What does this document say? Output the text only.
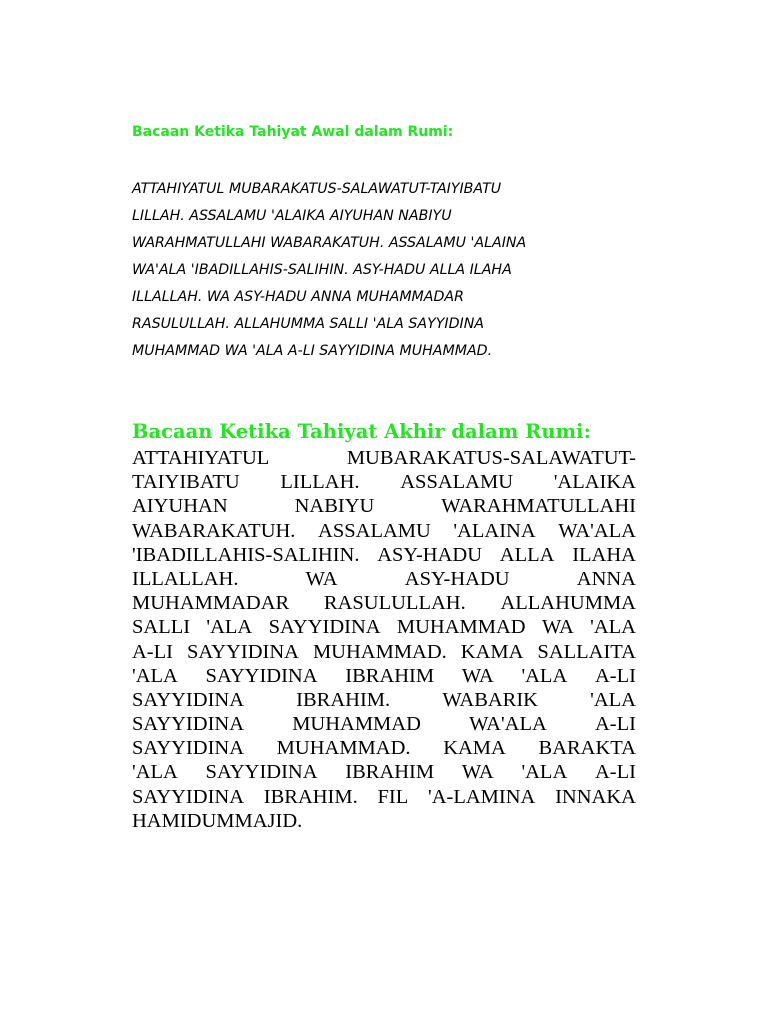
Bacaan Ketika Tahiyat Awal dalam Rumi:
ATTAHIYATUL MUBARAKATUS-SALAWATUT-TAIYIBATU
LILLAH. ASSALAMU 'ALAIKA AIYUHAN NABIYU
WARAHMATULLAHI WABARAKATUH. ASSALAMU 'ALAINA
WA'ALA 'IBADILLAHIS-SALIHIN. ASY-HADU ALLA ILAHA
ILLALLAH. WA ASY-HADU ANNA MUHAMMADAR
RASULULLAH. ALLAHUMMA SALLI 'ALA SAYYIDINA
MUHAMMAD WA 'ALA A-LI SAYYIDINA MUHAMMAD.
Bacaan Ketika Tahiyat Akhir dalam Rumi:
ATTAHIYATUL	MUBARAKATUS-SALAWATUT-
TAIYIBATU LILLAH. ASSALAMU 'ALAIKA
AIYUHAN	NABIYU	WARAHMATULLAHI
WABARAKATUH. ASSALAMU 'ALAINA WA'ALA
'IBADILLAHIS-SALIHIN. ASY-HADU ALLA ILAHA
ILLALLAH.	WA	ASY-HADU	ANNA
MUHAMMADAR RASULULLAH. ALLAHUMMA
SALLI 'ALA SAYYIDINA MUHAMMAD WA 'ALA
A-LI SAYYIDINA MUHAMMAD. KAMA SALLAITA
'ALA SAYYIDINA IBRAHIM WA 'ALA A-LI
SAYYIDINA	IBRAHIM.	WABARIK	'ALA
SAYYIDINA MUHAMMAD WA'ALA A-LI
SAYYIDINA MUHAMMAD. KAMA BARAKTA
'ALA SAYYIDINA IBRAHIM WA 'ALA A-LI
SAYYIDINA IBRAHIM. FIL 'A-LAMINA INNAKA
HAMIDUMMAJID.
